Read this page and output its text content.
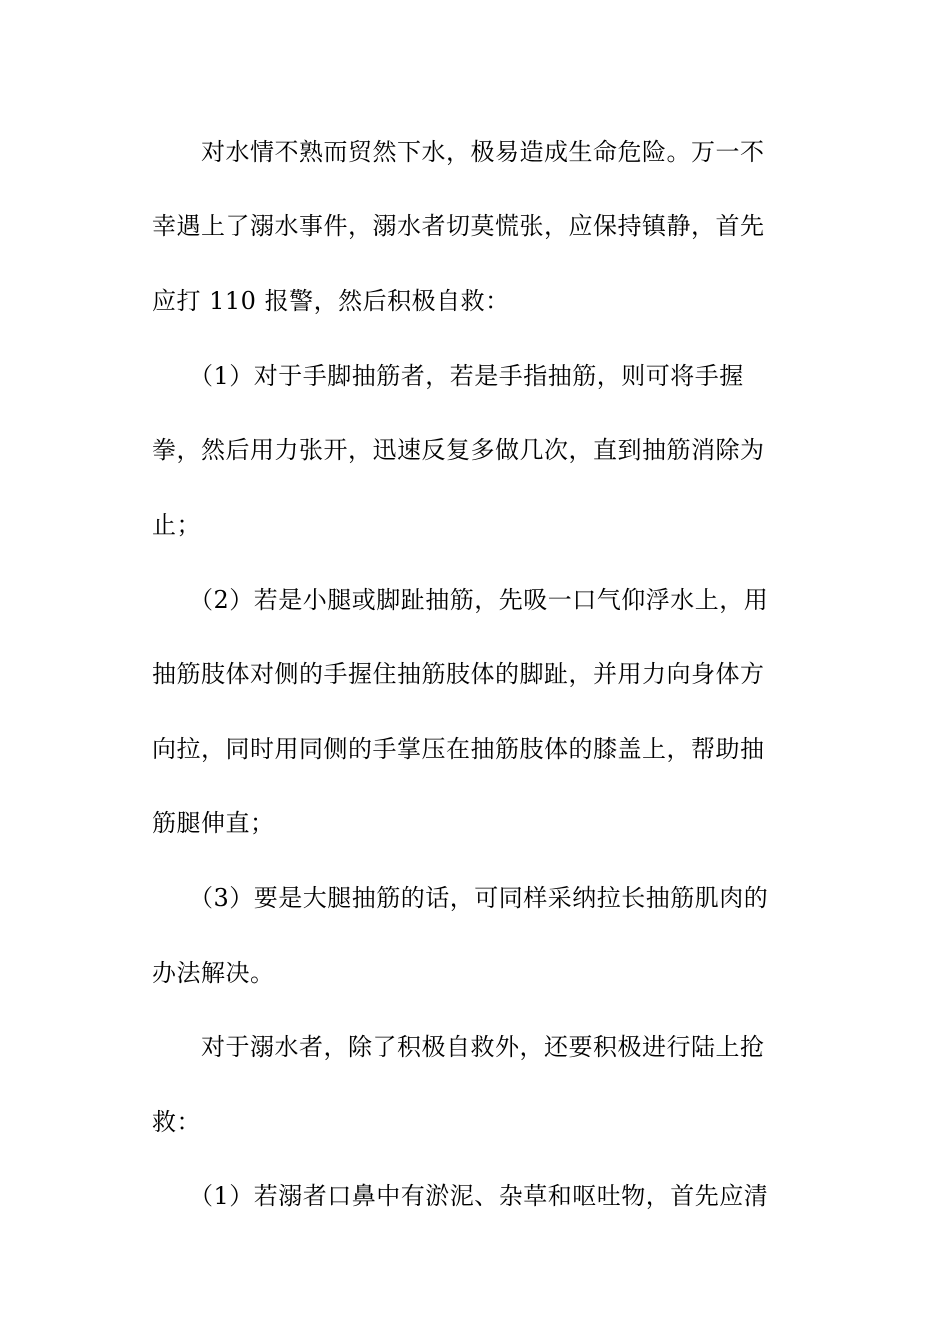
　　对水情不熟而贸然下水，极易造成生命危险。万一不
幸遇上了溺水事件，溺水者切莫慌张，应保持镇静，首先
应打 110 报警，然后积极自救：
　　（1）对于手脚抽筋者，若是手指抽筋，则可将手握
拳，然后用力张开，迅速反复多做几次，直到抽筋消除为
止；
　　（2）若是小腿或脚趾抽筋，先吸一口气仰浮水上，用
抽筋肢体对侧的手握住抽筋肢体的脚趾，并用力向身体方
向拉，同时用同侧的手掌压在抽筋肢体的膝盖上，帮助抽
筋腿伸直；
　　（3）要是大腿抽筋的话，可同样采纳拉长抽筋肌肉的
办法解决。
　　对于溺水者，除了积极自救外，还要积极进行陆上抢
救：
　　（1）若溺者口鼻中有淤泥、杂草和呕吐物，首先应清
